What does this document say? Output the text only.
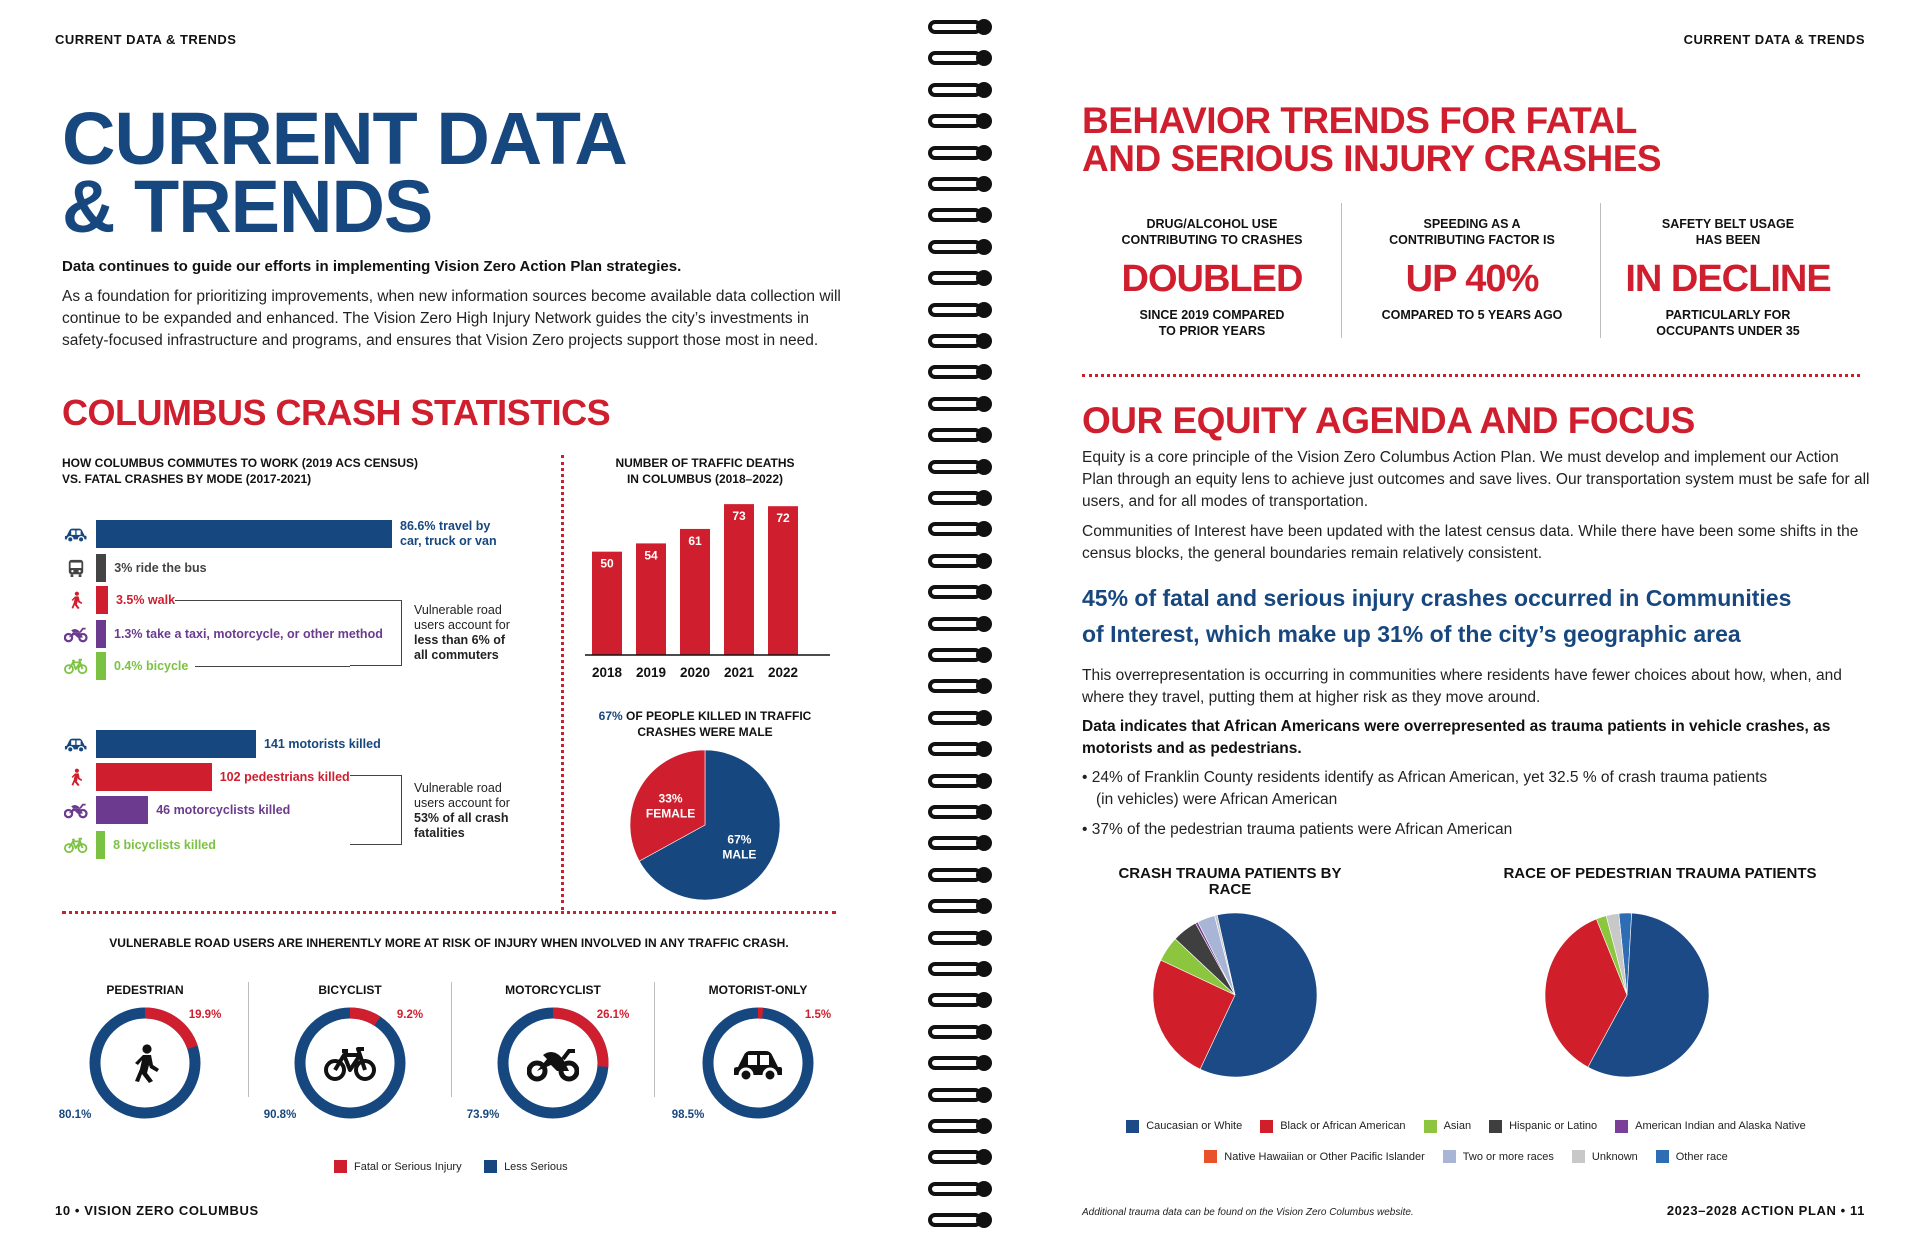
CURRENT DATA & TRENDS
CURRENT DATA
& TRENDS
Data continues to guide our efforts in implementing Vision Zero Action Plan strategies.
As a foundation for prioritizing improvements, when new information sources become available data collection will continue to be expanded and enhanced. The Vision Zero High Injury Network guides the city’s investments in safety-focused infrastructure and programs, and ensures that Vision Zero projects support those most in need.
COLUMBUS CRASH STATISTICS
HOW COLUMBUS COMMUTES TO WORK (2019 ACS CENSUS)
VS. FATAL CRASHES BY MODE (2017-2021)
86.6% travel by
car, truck or van
3% ride the bus
3.5% walk
1.3% take a taxi, motorcycle, or other method
0.4% bicycle
Vulnerable road
users account for
less than 6% of
all commuters
141 motorists killed
102 pedestrians killed
46 motorcyclists killed
8 bicyclists killed
Vulnerable road
users account for
53% of all crash
fatalities
NUMBER OF TRAFFIC DEATHS
IN COLUMBUS (2018–2022)
50
2018
54
2019
61
2020
73
2021
72
2022
67% OF PEOPLE KILLED IN TRAFFIC
CRASHES WERE MALE
67%
MALE
33%
FEMALE
VULNERABLE ROAD USERS ARE INHERENTLY MORE AT RISK OF INJURY WHEN INVOLVED IN ANY TRAFFIC CRASH.
PEDESTRIAN
19.9%
80.1%
BICYCLIST
9.2%
90.8%
MOTORCYCLIST
26.1%
73.9%
MOTORIST-ONLY
1.5%
98.5%
Fatal or Serious Injury
	Less Serious
10 • VISION ZERO COLUMBUS
CURRENT DATA & TRENDS
BEHAVIOR TRENDS FOR FATAL
AND SERIOUS INJURY CRASHES
DRUG/ALCOHOL USE
CONTRIBUTING TO CRASHES
DOUBLED
SINCE 2019 COMPARED
TO PRIOR YEARS
SPEEDING AS A
CONTRIBUTING FACTOR IS
UP 40%
COMPARED TO 5 YEARS AGO
SAFETY BELT USAGE
HAS BEEN
IN DECLINE
PARTICULARLY FOR
OCCUPANTS UNDER 35
OUR EQUITY AGENDA AND FOCUS
Equity is a core principle of the Vision Zero Columbus Action Plan. We must develop and implement our Action Plan through an equity lens to achieve just outcomes and save lives. Our transportation system must be safe for all users, and for all modes of transportation.
Communities of Interest have been updated with the latest census data. While there have been some shifts in the census blocks, the general boundaries remain relatively consistent.
45% of fatal and serious injury crashes occurred in Communities
of Interest, which make up 31% of the city’s geographic area
This overrepresentation is occurring in communities where residents have fewer choices about how, when, and where they travel, putting them at higher risk as they move around.
Data indicates that African Americans were overrepresented as trauma patients in vehicle crashes, as motorists and as pedestrians.
• 24% of Franklin County residents identify as African American, yet 32.5 % of crash trauma patients
(in vehicles) were African American
• 37% of the pedestrian trauma patients were African American
CRASH TRAUMA PATIENTS BY RACE
RACE OF PEDESTRIAN TRAUMA PATIENTS
Caucasian or White	Black or African American	Asian	Hispanic or Latino	American Indian and Alaska Native

Native Hawaiian or Other Pacific Islander	Two or more races	Unknown	Other race
Additional trauma data can be found on the Vision Zero Columbus website.	2023–2028 ACTION PLAN • 11
